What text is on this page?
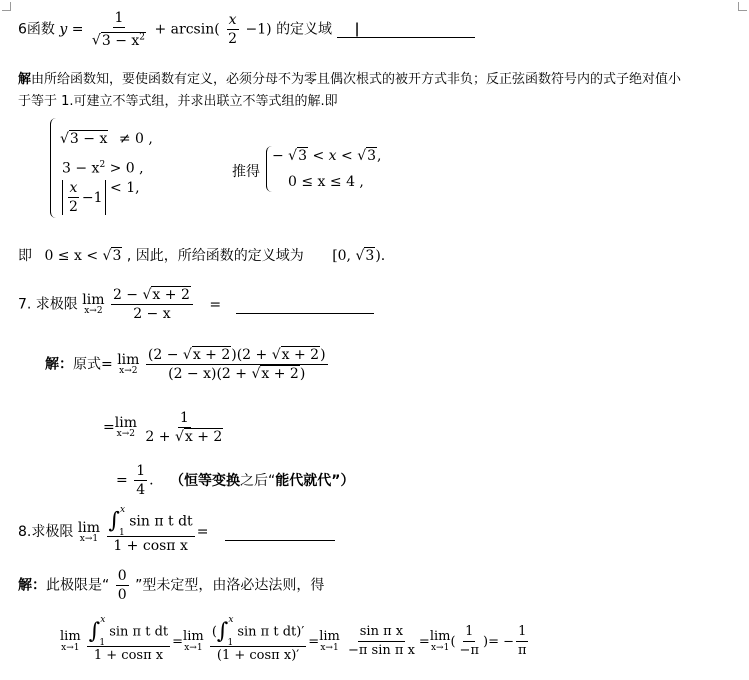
6函数 $y = \frac{1}{√3 - x^2} + \arcsin( \frac{x}{2} -1)$ 的定义域 |
解由所给函数知，要使函数有定义，必须分母不为零且偶次根式的被开方式非负；反正弦函数符号内的式子绝对值小
于等于 1.可建立不等式组，并求出联立不等式组的解.即
√3 − x ≠ 0 ,
$3 - x^2 > 0$ ,
$\frac{x}{2} -1$
< 1,
推得
− √3 < x < √3,
0 ≤ x ≤ 4 ,
即 0 ≤ x < √3 , 因此，所给函数的定义域为 [0, √3).
7. 求极限 lim
x→2
$\frac{2 - √x + 2}{2 - x}$ =
解：原式= lim
x→2
$\frac{(2 - √x + 2)(2 + √x + 2)}{(2 - x)(2 + √x + 2)}$
= lim
x→2
$\frac{1}{2 + √x + 2}$
= $\frac{1}{4}$ . （恒等变换之后“能代就代”）
8.求极限 lim
x→1
$\frac{\int^x_1 \sin \pi t dt}{\text{1 + cosπ x}}$ =
解：此极限是“ $\frac{0}{0}$ ”型未定型，由洛必达法则，得
lim
x→1
$\frac{\int^x_1 \sin \pi t dt}{\text{1 + cosπ x}} = \lim$
x→1
$\frac{(\int^x_1 \sin \pi t dt)'}{\text{(1 + cosπ x)′}} = \lim$
x→1
$\frac{\text{sin π x}}{\text{−π sin π x}} = \lim$
x→1 ( $\frac{1}{-\pi}$ )= − $\frac{1}{\pi}$
